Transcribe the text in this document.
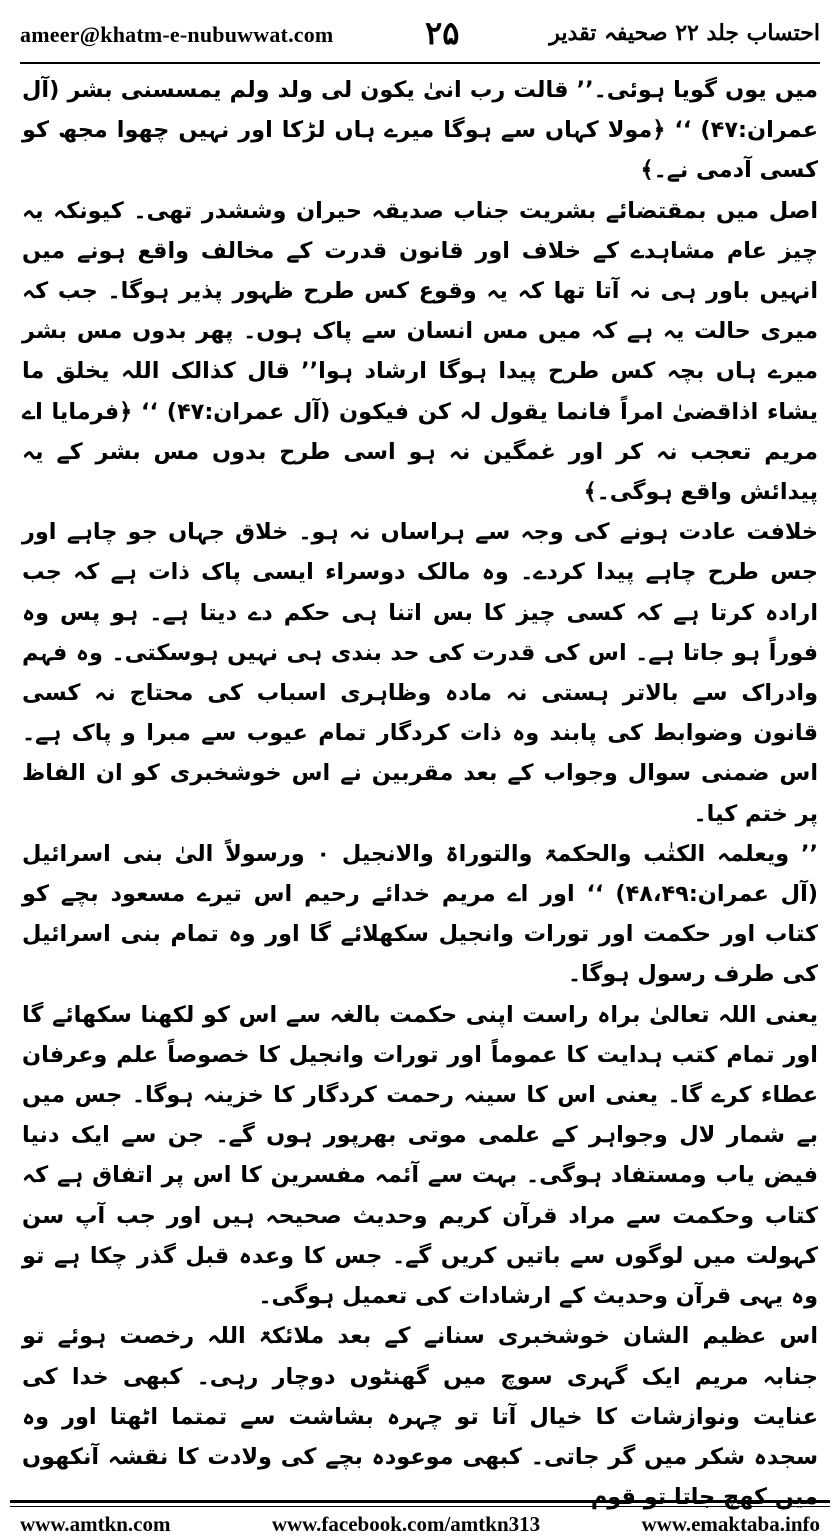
ameer@khatm-e-nubuwwat.com	۲۵	احتساب جلد ۲۲ صحیفہ تقدیر

میں یوں گویا ہوئی۔’’ قالت رب انیٰ یکون لی ولد ولم یمسسنی بشر (آل عمران:۴۷) ‘‘ ﴿مولا کہاں سے ہوگا میرے ہاں لڑکا اور نہیں چھوا مجھ کو کسی آدمی نے۔﴾

اصل میں بمقتضائے بشریت جناب صدیقہ حیران وششدر تھی۔ کیونکہ یہ چیز عام مشاہدے کے خلاف اور قانون قدرت کے مخالف واقع ہونے میں انہیں باور ہی نہ آتا تھا کہ یہ وقوع کس طرح ظہور پذیر ہوگا۔ جب کہ میری حالت یہ ہے کہ میں مس انسان سے پاک ہوں۔ پھر بدوں مس بشر میرے ہاں بچہ کس طرح پیدا ہوگا ارشاد ہوا’’ قال کذالک اللہ یخلق ما یشاء اذاقضیٰ امراً فانما یقول لہ کن فیکون (آل عمران:۴۷) ‘‘ ﴿فرمایا اے مریم تعجب نہ کر اور غمگین نہ ہو اسی طرح بدوں مس بشر کے یہ پیدائش واقع ہوگی۔﴾

خلافت عادت ہونے کی وجہ سے ہراساں نہ ہو۔ خلاق جہاں جو چاہے اور جس طرح چاہے پیدا کردے۔ وہ مالک دوسراء ایسی پاک ذات ہے کہ جب ارادہ کرتا ہے کہ کسی چیز کا بس اتنا ہی حکم دے دیتا ہے۔ ہو پس وہ فوراً ہو جاتا ہے۔ اس کی قدرت کی حد بندی ہی نہیں ہوسکتی۔ وہ فہم وادراک سے بالاتر ہستی نہ مادہ وظاہری اسباب کی محتاج نہ کسی قانون وضوابط کی پابند وہ ذات کردگار تمام عیوب سے مبرا و پاک ہے۔ اس ضمنی سوال وجواب کے بعد مقربین نے اس خوشخبری کو ان الفاظ پر ختم کیا۔

’’ ویعلمہ الکتٰب والحکمۃ والتوراۃ والانجیل ۰ ورسولاً الیٰ بنی اسرائیل (آل عمران:۴۸،۴۹) ‘‘ اور اے مریم خدائے رحیم اس تیرے مسعود بچے کو کتاب اور حکمت اور تورات وانجیل سکھلائے گا اور وہ تمام بنی اسرائیل کی طرف رسول ہوگا۔

یعنی اللہ تعالیٰ براہ راست اپنی حکمت بالغہ سے اس کو لکھنا سکھائے گا اور تمام کتب ہدایت کا عموماً اور تورات وانجیل کا خصوصاً علم وعرفان عطاء کرے گا۔ یعنی اس کا سینہ رحمت کردگار کا خزینہ ہوگا۔ جس میں بے شمار لال وجواہر کے علمی موتی بھرپور ہوں گے۔ جن سے ایک دنیا فیض یاب ومستفاد ہوگی۔ بہت سے آئمہ مفسرین کا اس پر اتفاق ہے کہ کتاب وحکمت سے مراد قرآن کریم وحدیث صحیحہ ہیں اور جب آپ سن کہولت میں لوگوں سے باتیں کریں گے۔ جس کا وعدہ قبل گذر چکا ہے تو وہ یہی قرآن وحدیث کے ارشادات کی تعمیل ہوگی۔

اس عظیم الشان خوشخبری سنانے کے بعد ملائکۃ اللہ رخصت ہوئے تو جنابہ مریم ایک گہری سوچ میں گھنٹوں دوچار رہی۔ کبھی خدا کی عنایت ونوازشات کا خیال آتا تو چہرہ بشاشت سے تمتما اٹھتا اور وہ سجدہ شکر میں گر جاتی۔ کبھی موعودہ بچے کی ولادت کا نقشہ آنکھوں میں کھچ جاتا تو قوم

www.amtkn.com	www.facebook.com/amtkn313	www.emaktaba.info
